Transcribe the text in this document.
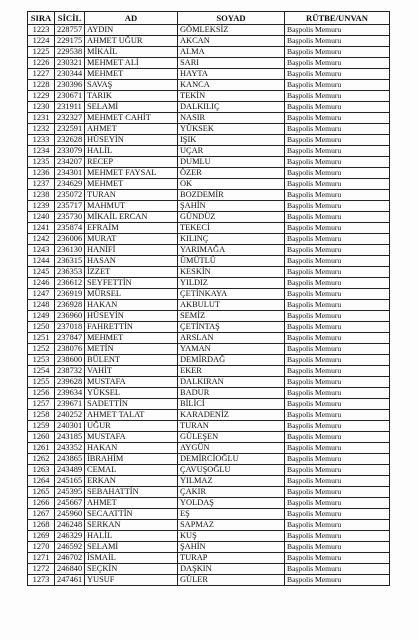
SIRA	SİCİL	AD	SOYAD	RÜTBE/UNVAN
1223	228757	AYDIN	GÖMLEKSİZ	Başpolis Memuru
1224	229175	AHMET UĞUR	AKCAN	Başpolis Memuru
1225	229538	MİKAİL	ALMA	Başpolis Memuru
1226	230321	MEHMET ALİ	SARI	Başpolis Memuru
1227	230344	MEHMET	HAYTA	Başpolis Memuru
1228	230396	SAVAŞ	KANCA	Başpolis Memuru
1229	230671	TARIK	TEKİN	Başpolis Memuru
1230	231911	SELAMİ	DALKILIÇ	Başpolis Memuru
1231	232327	MEHMET CAHİT	NASIR	Başpolis Memuru
1232	232591	AHMET	YÜKSEK	Başpolis Memuru
1233	232628	HÜSEYİN	IŞIK	Başpolis Memuru
1234	233079	HALİL	UÇAR	Başpolis Memuru
1235	234207	RECEP	DUMLU	Başpolis Memuru
1236	234301	MEHMET FAYSAL	ÖZER	Başpolis Memuru
1237	234629	MEHMET	OK	Başpolis Memuru
1238	235072	TURAN	BOZDEMİR	Başpolis Memuru
1239	235717	MAHMUT	ŞAHİN	Başpolis Memuru
1240	235730	MİKAİL ERCAN	GÜNDÜZ	Başpolis Memuru
1241	235874	EFRAİM	TEKECİ	Başpolis Memuru
1242	236006	MURAT	KILINÇ	Başpolis Memuru
1243	236130	HANİFİ	YARIMAĞA	Başpolis Memuru
1244	236315	HASAN	ÜMÜTLÜ	Başpolis Memuru
1245	236353	İZZET	KESKİN	Başpolis Memuru
1246	236612	SEYFETTİN	YILDIZ	Başpolis Memuru
1247	236919	MÜRSEL	ÇETİNKAYA	Başpolis Memuru
1248	236928	HAKAN	AKBULUT	Başpolis Memuru
1249	236960	HÜSEYİN	SEMİZ	Başpolis Memuru
1250	237018	FAHRETTİN	ÇETİNTAŞ	Başpolis Memuru
1251	237847	MEHMET	ARSLAN	Başpolis Memuru
1252	238076	METİN	YAMAN	Başpolis Memuru
1253	238600	BÜLENT	DEMİRDAĞ	Başpolis Memuru
1254	238732	VAHİT	EKER	Başpolis Memuru
1255	239628	MUSTAFA	DALKIRAN	Başpolis Memuru
1256	239634	YÜKSEL	BADUR	Başpolis Memuru
1257	239671	SADETTİN	BİLİCİ	Başpolis Memuru
1258	240252	AHMET TALAT	KARADENİZ	Başpolis Memuru
1259	240301	UĞUR	TURAN	Başpolis Memuru
1260	243185	MUSTAFA	GÜLEŞEN	Başpolis Memuru
1261	243352	HAKAN	AYGÜN	Başpolis Memuru
1262	243865	İBRAHİM	DEMİRCİOĞLU	Başpolis Memuru
1263	243489	CEMAL	ÇAVUŞOĞLU	Başpolis Memuru
1264	245165	ERKAN	YILMAZ	Başpolis Memuru
1265	245395	SEBAHATTİN	ÇAKIR	Başpolis Memuru
1266	245667	AHMET	YOLDAŞ	Başpolis Memuru
1267	245960	SECAATTİN	EŞ	Başpolis Memuru
1268	246248	SERKAN	SAPMAZ	Başpolis Memuru
1269	246329	HALİL	KUŞ	Başpolis Memuru
1270	246592	SELAMİ	ŞAHİN	Başpolis Memuru
1271	246702	İSMAİL	TURAP	Başpolis Memuru
1272	246840	SEÇKİN	DAŞKIN	Başpolis Memuru
1273	247461	YUSUF	GÜLER	Başpolis Memuru
